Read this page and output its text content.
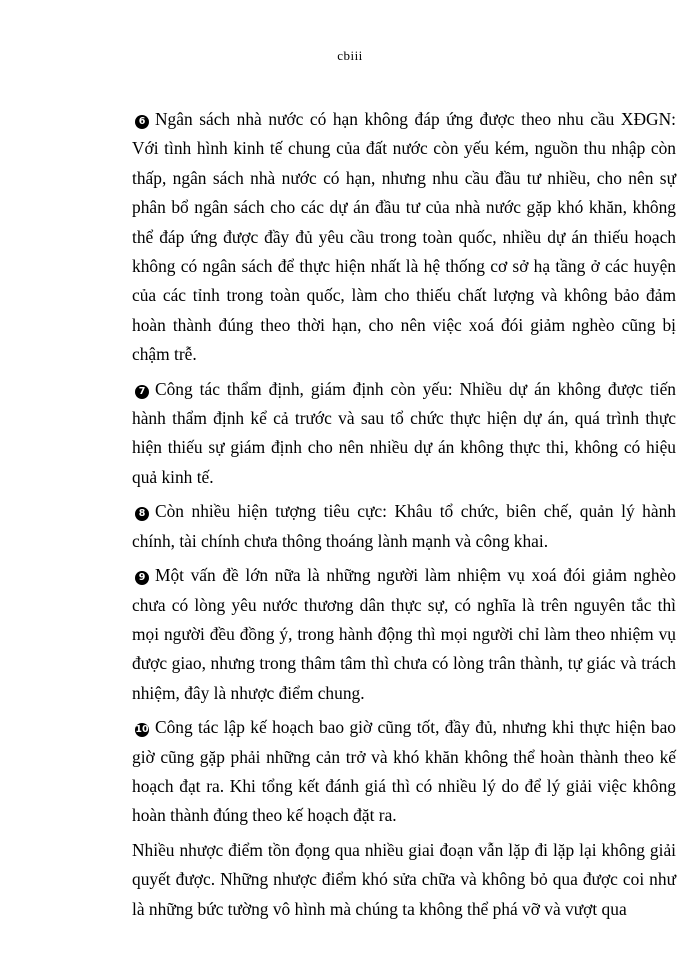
cbiii

6 Ngân sách nhà nước có hạn không đáp ứng được theo nhu cầu XĐGN: Với tình hình kinh tế chung của đất nước còn yếu kém, nguồn thu nhập còn thấp, ngân sách nhà nước có hạn, nhưng nhu cầu đầu tư nhiều, cho nên sự phân bổ ngân sách cho các dự án đầu tư của nhà nước gặp khó khăn, không thể đáp ứng được đầy đủ yêu cầu trong toàn quốc, nhiều dự án thiếu hoạch không có ngân sách để thực hiện nhất là hệ thống cơ sở hạ tầng ở các huyện của các tỉnh trong toàn quốc, làm cho thiếu chất lượng và không bảo đảm hoàn thành đúng theo thời hạn, cho nên việc xoá đói giảm nghèo cũng bị chậm trễ.

7 Công tác thẩm định, giám định còn yếu: Nhiều dự án không được tiến hành thẩm định kể cả trước và sau tổ chức thực hiện dự án, quá trình thực hiện thiếu sự giám định cho nên nhiều dự án không thực thi, không có hiệu quả kinh tế.

8 Còn nhiều hiện tượng tiêu cực: Khâu tổ chức, biên chế, quản lý hành chính, tài chính chưa thông thoáng lành mạnh và công khai.

9 Một vấn đề lớn nữa là những người làm nhiệm vụ xoá đói giảm nghèo chưa có lòng yêu nước thương dân thực sự, có nghĩa là trên nguyên tắc thì mọi người đều đồng ý, trong hành động thì mọi người chỉ làm theo nhiệm vụ được giao, nhưng trong thâm tâm thì chưa có lòng trân thành, tự giác và trách nhiệm, đây là nhược điểm chung.

10 Công tác lập kế hoạch bao giờ cũng tốt, đầy đủ, nhưng khi thực hiện bao giờ cũng gặp phải những cản trở và khó khăn không thể hoàn thành theo kế hoạch đạt ra. Khi tổng kết đánh giá thì có nhiều lý do để lý giải việc không hoàn thành đúng theo kế hoạch đặt ra.

Nhiều nhược điểm tồn đọng qua nhiều giai đoạn vẫn lặp đi lặp lại không giải quyết được. Những nhược điểm khó sửa chữa và không bỏ qua được coi như là những bức tường vô hình mà chúng ta không thể phá vỡ và vượt qua
